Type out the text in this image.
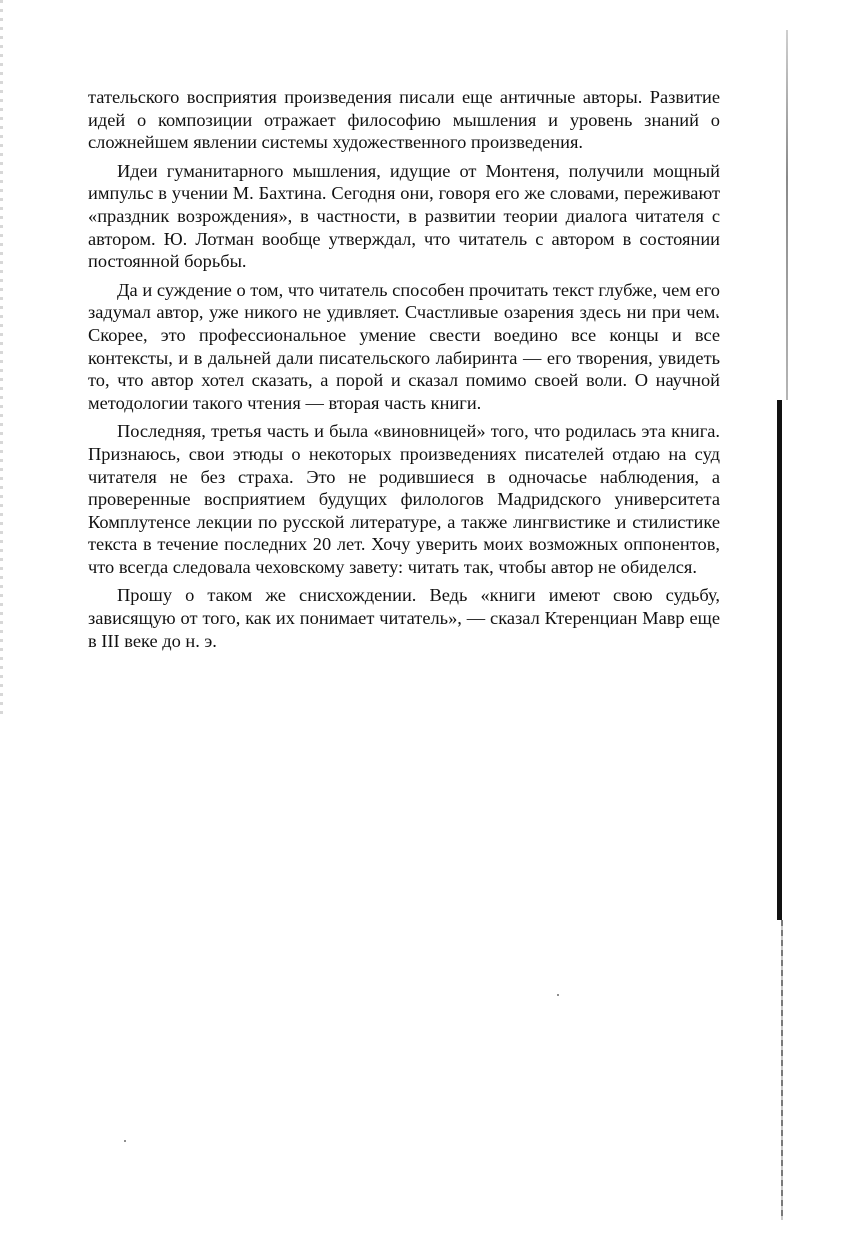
тательского восприятия произведения писали еще античные авторы. Развитие идей о композиции отражает философию мышления и уровень знаний о сложнейшем явлении системы художественного произведения.

Идеи гуманитарного мышления, идущие от Монтеня, получили мощный импульс в учении М. Бахтина. Сегодня они, говоря его же словами, переживают «праздник возрождения», в частности, в развитии теории диалога читателя с автором. Ю. Лотман вообще утверждал, что читатель с автором в состоянии постоянной борьбы.

Да и суждение о том, что читатель способен прочитать текст глубже, чем его задумал автор, уже никого не удивляет. Счастливые озарения здесь ни при чем. Скорее, это профессиональное умение свести воедино все концы и все контексты, и в дальней дали писательского лабиринта — его творения, увидеть то, что автор хотел сказать, а порой и сказал помимо своей воли. О научной методологии такого чтения — вторая часть книги.

Последняя, третья часть и была «виновницей» того, что родилась эта книга. Признаюсь, свои этюды о некоторых произведениях писателей отдаю на суд читателя не без страха. Это не родившиеся в одночасье наблюдения, а проверенные восприятием будущих филологов Мадридского университета Комплутенсе лекции по русской литературе, а также лингвистике и стилистике текста в течение последних 20 лет. Хочу уверить моих возможных оппонентов, что всегда следовала чеховскому завету: читать так, чтобы автор не обиделся.

Прошу о таком же снисхождении. Ведь «книги имеют свою судьбу, зависящую от того, как их понимает читатель», — сказал Ктеренциан Мавр еще в III веке до н. э.
